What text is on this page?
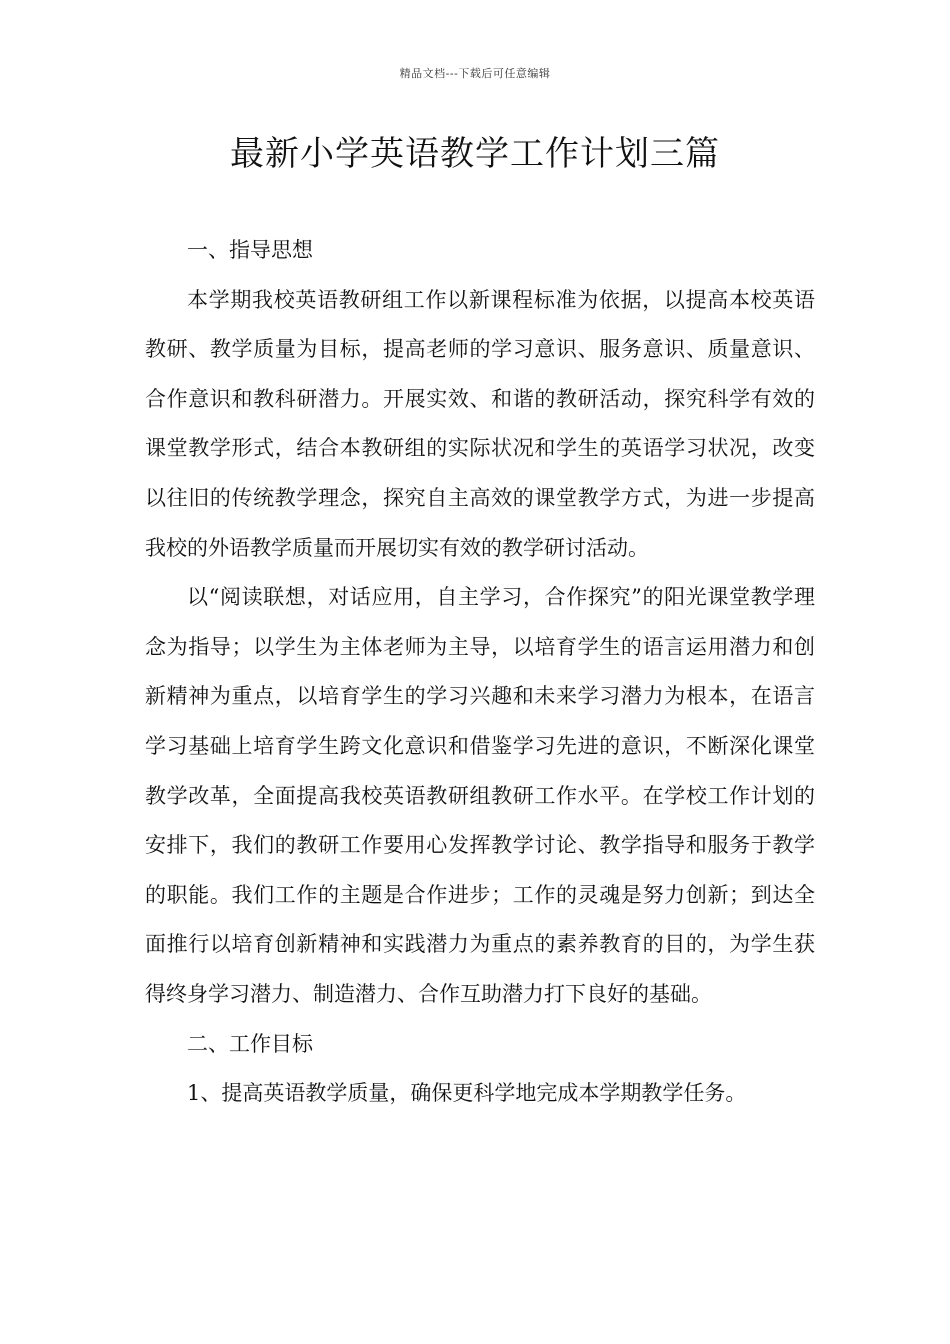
精品文档---下载后可任意编辑
最新小学英语教学工作计划三篇

一、指导思想

本学期我校英语教研组工作以新课程标准为依据，以提高本校英语教研、教学质量为目标，提高老师的学习意识、服务意识、质量意识、合作意识和教科研潜力。开展实效、和谐的教研活动，探究科学有效的课堂教学形式，结合本教研组的实际状况和学生的英语学习状况，改变以往旧的传统教学理念，探究自主高效的课堂教学方式，为进一步提高我校的外语教学质量而开展切实有效的教学研讨活动。

以“阅读联想，对话应用，自主学习，合作探究”的阳光课堂教学理念为指导；以学生为主体老师为主导，以培育学生的语言运用潜力和创新精神为重点，以培育学生的学习兴趣和未来学习潜力为根本，在语言学习基础上培育学生跨文化意识和借鉴学习先进的意识，不断深化课堂教学改革，全面提高我校英语教研组教研工作水平。在学校工作计划的安排下，我们的教研工作要用心发挥教学讨论、教学指导和服务于教学的职能。我们工作的主题是合作进步；工作的灵魂是努力创新；到达全面推行以培育创新精神和实践潜力为重点的素养教育的目的，为学生获得终身学习潜力、制造潜力、合作互助潜力打下良好的基础。

二、工作目标

1、提高英语教学质量，确保更科学地完成本学期教学任务。
